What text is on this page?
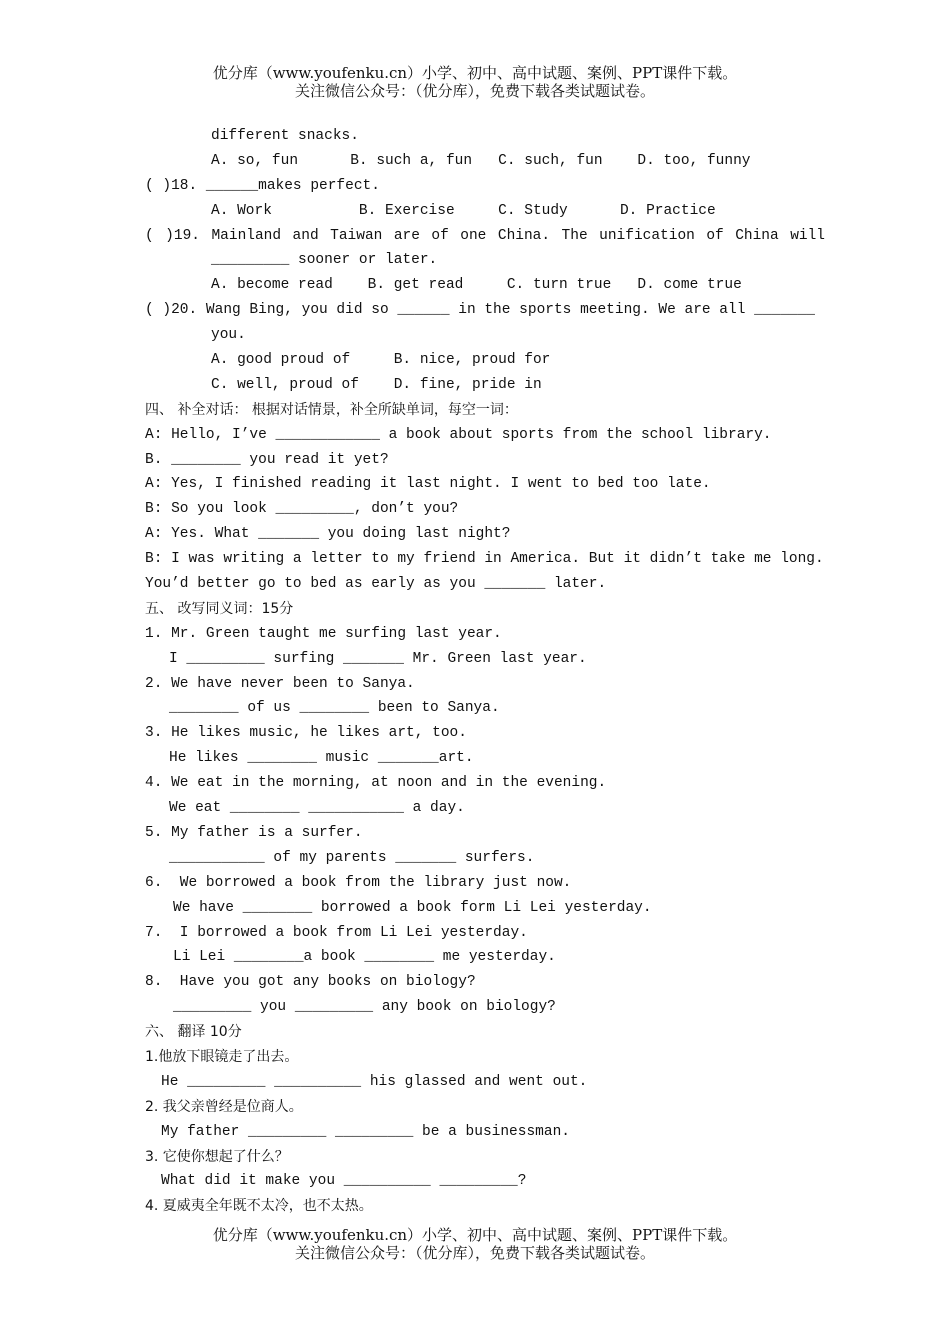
优分库（www.youfenku.cn）小学、初中、高中试题、案例、PPT课件下载。
关注微信公众号：（优分库），免费下载各类试题试卷。
different snacks.
A. so, fun      B. such a, fun   C. such, fun    D. too, funny
( )18. ______makes perfect.
A. Work          B. Exercise     C. Study      D. Practice
( )19. Mainland and Taiwan are of one China. The unification of China will
_________ sooner or later.
A. become read    B. get read     C. turn true   D. come true
( )20. Wang Bing, you did so ______ in the sports meeting. We are all _______
you.
A. good proud of     B. nice, proud for
C. well, proud of    D. fine, pride in
四、 补全对话： 根据对话情景，补全所缺单词，每空一词：
A: Hello, I’ve ____________ a book about sports from the school library.
B. ________ you read it yet?
A: Yes, I finished reading it last night. I went to bed too late.
B: So you look _________, don’t you?
A: Yes. What _______ you doing last night?
B: I was writing a letter to my friend in America. But it didn’t take me long.
You’d better go to bed as early as you _______ later.
五、 改写同义词：15分
1. Mr. Green taught me surfing last year.
I _________ surfing _______ Mr. Green last year.
2. We have never been to Sanya.
________ of us ________ been to Sanya.
3. He likes music, he likes art, too.
He likes ________ music _______art.
4. We eat in the morning, at noon and in the evening.
We eat ________ ___________ a day.
5. My father is a surfer.
___________ of my parents _______ surfers.
6.  We borrowed a book from the library just now.
We have ________ borrowed a book form Li Lei yesterday.
7.  I borrowed a book from Li Lei yesterday.
Li Lei ________a book ________ me yesterday.
8.  Have you got any books on biology?
_________ you _________ any book on biology?
六、 翻译 10分
1.他放下眼镜走了出去。
He _________ __________ his glassed and went out.
2. 我父亲曾经是位商人。
My father _________ _________ be a businessman.
3. 它使你想起了什么？
What did it make you __________ _________?
4. 夏威夷全年既不太冷，也不太热。
优分库（www.youfenku.cn）小学、初中、高中试题、案例、PPT课件下载。
关注微信公众号：（优分库），免费下载各类试题试卷。
